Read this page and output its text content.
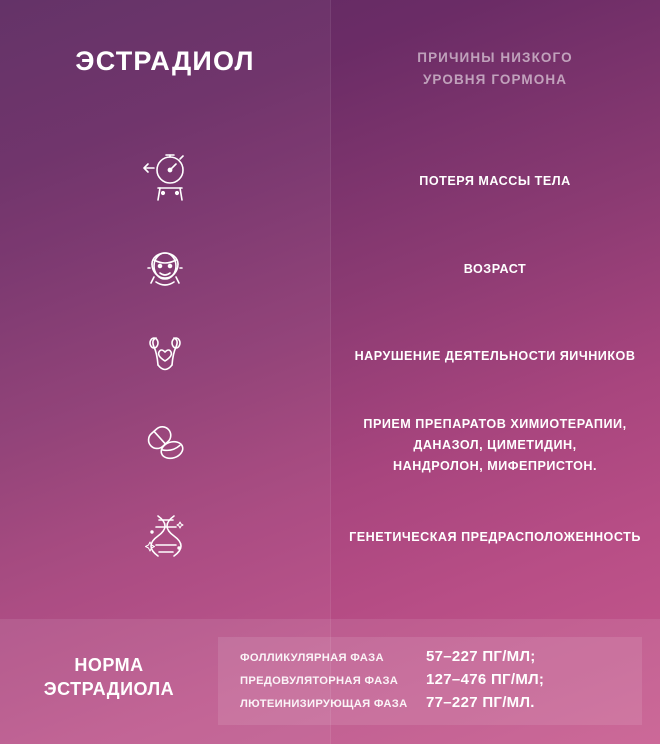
ЭСТРАДИОЛ	ПРИЧИНЫ НИЗКОГО
УРОВНЯ ГОРМОНА
ПОТЕРЯ МАССЫ ТЕЛА
ВОЗРАСТ
НАРУШЕНИЕ ДЕЯТЕЛЬНОСТИ ЯИЧНИКОВ
ПРИЕМ ПРЕПАРАТОВ ХИМИОТЕРАПИИ,
ДАНАЗОЛ, ЦИМЕТИДИН,
НАНДРОЛОН, МИФЕПРИСТОН.
ГЕНЕТИЧЕСКАЯ ПРЕДРАСПОЛОЖЕННОСТЬ
НОРМА
ЭСТРАДИОЛА
ФОЛЛИКУЛЯРНАЯ ФАЗА	57–227 ПГ/МЛ;
ПРЕДОВУЛЯТОРНАЯ ФАЗА	127–476 ПГ/МЛ;
ЛЮТЕИНИЗИРУЮЩАЯ ФАЗА	77–227 ПГ/МЛ.
